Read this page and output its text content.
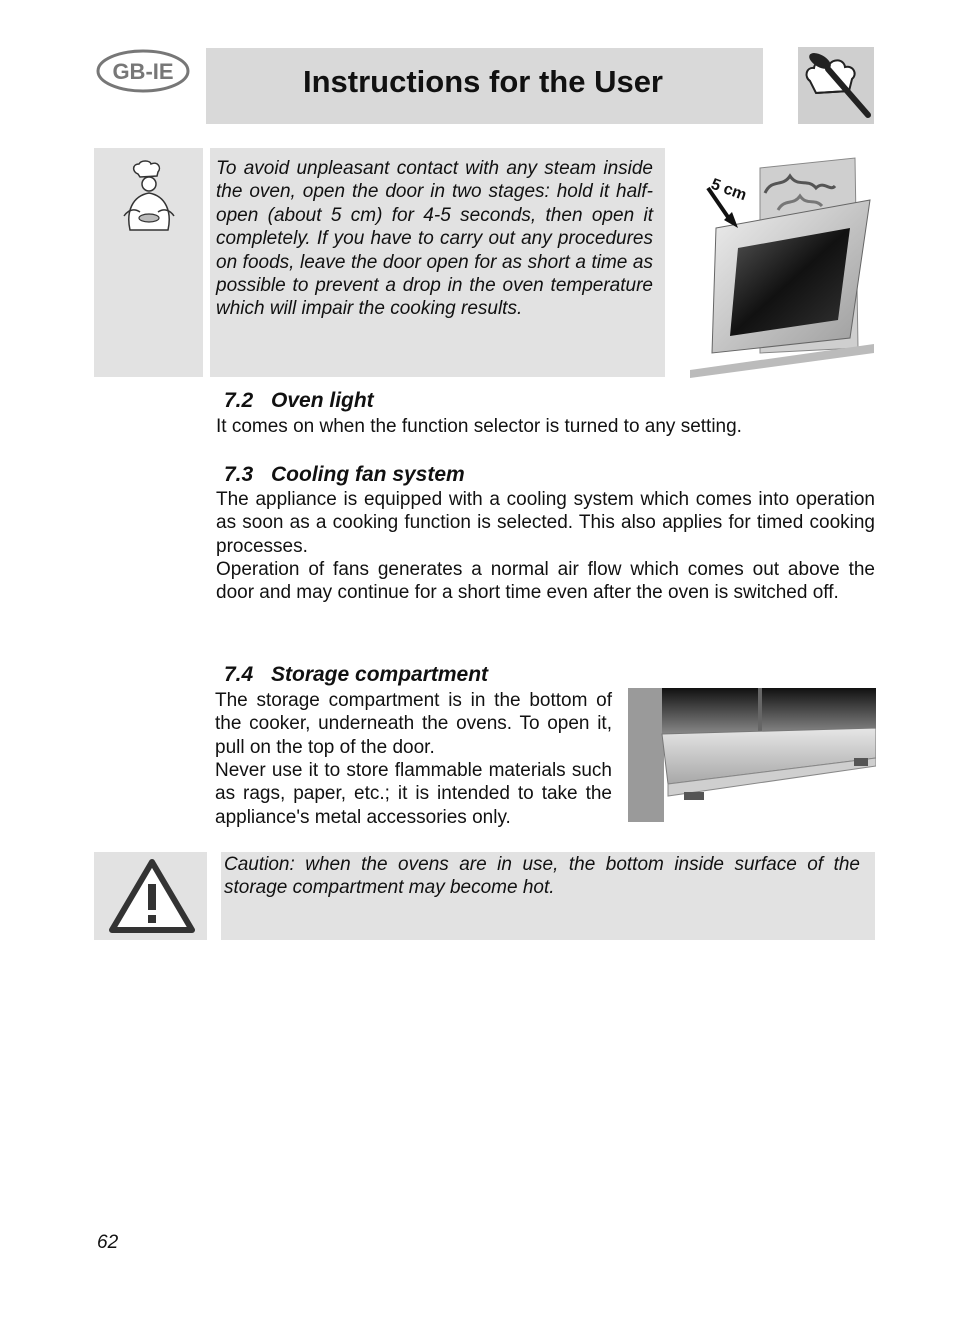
GB-IE	Instructions for the User

To avoid unpleasant contact with any steam inside the oven, open the door in two stages: hold it half-open (about 5 cm) for 4-5 seconds, then open it completely. If you have to carry out any procedures on foods, leave the door open for as short a time as possible to prevent a drop in the oven temperature which will impair the cooking results.

5 cm
7.2 Oven light

It comes on when the function selector is turned to any setting.

7.3 Cooling fan system

The appliance is equipped with a cooling system which comes into operation as soon as a cooking function is selected. This also applies for timed cooking processes.

Operation of fans generates a normal air flow which comes out above the door and may continue for a short time even after the oven is switched off.

7.4 Storage compartment

The storage compartment is in the bottom of the cooker, underneath the ovens. To open it, pull on the top of the door.

Never use it to store flammable materials such as rags, paper, etc.; it is intended to take the appliance's metal accessories only.

Caution: when the ovens are in use, the bottom inside surface of the storage compartment may become hot.

62
